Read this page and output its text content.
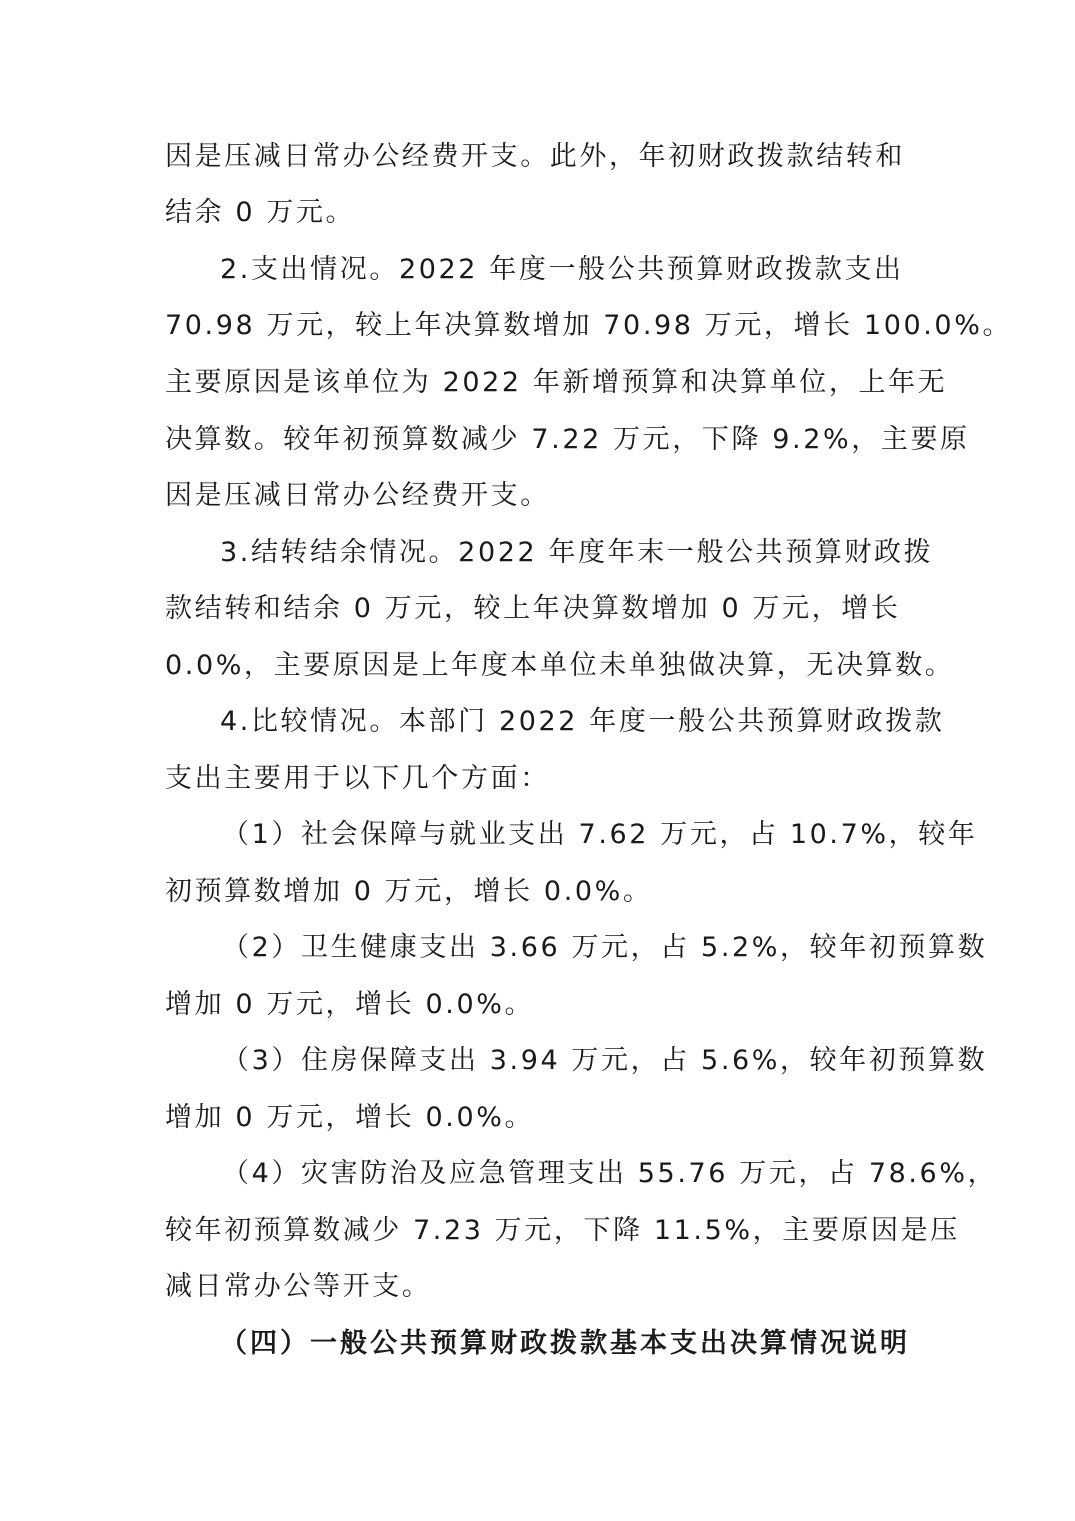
因是压减日常办公经费开支。此外，年初财政拨款结转和

结余 0 万元。

2.支出情况。2022 年度一般公共预算财政拨款支出

70.98 万元，较上年决算数增加 70.98 万元，增长 100.0%。

主要原因是该单位为 2022 年新增预算和决算单位，上年无

决算数。较年初预算数减少 7.22 万元，下降 9.2%，主要原

因是压减日常办公经费开支。

3.结转结余情况。2022 年度年末一般公共预算财政拨

款结转和结余 0 万元，较上年决算数增加 0 万元，增长

0.0%，主要原因是上年度本单位未单独做决算，无决算数。

4.比较情况。本部门 2022 年度一般公共预算财政拨款

支出主要用于以下几个方面：

（1）社会保障与就业支出 7.62 万元，占 10.7%，较年

初预算数增加 0 万元，增长 0.0%。

（2）卫生健康支出 3.66 万元，占 5.2%，较年初预算数

增加 0 万元，增长 0.0%。

（3）住房保障支出 3.94 万元，占 5.6%，较年初预算数

增加 0 万元，增长 0.0%。

（4）灾害防治及应急管理支出 55.76 万元，占 78.6%，

较年初预算数减少 7.23 万元，下降 11.5%，主要原因是压

减日常办公等开支。

（四）一般公共预算财政拨款基本支出决算情况说明
